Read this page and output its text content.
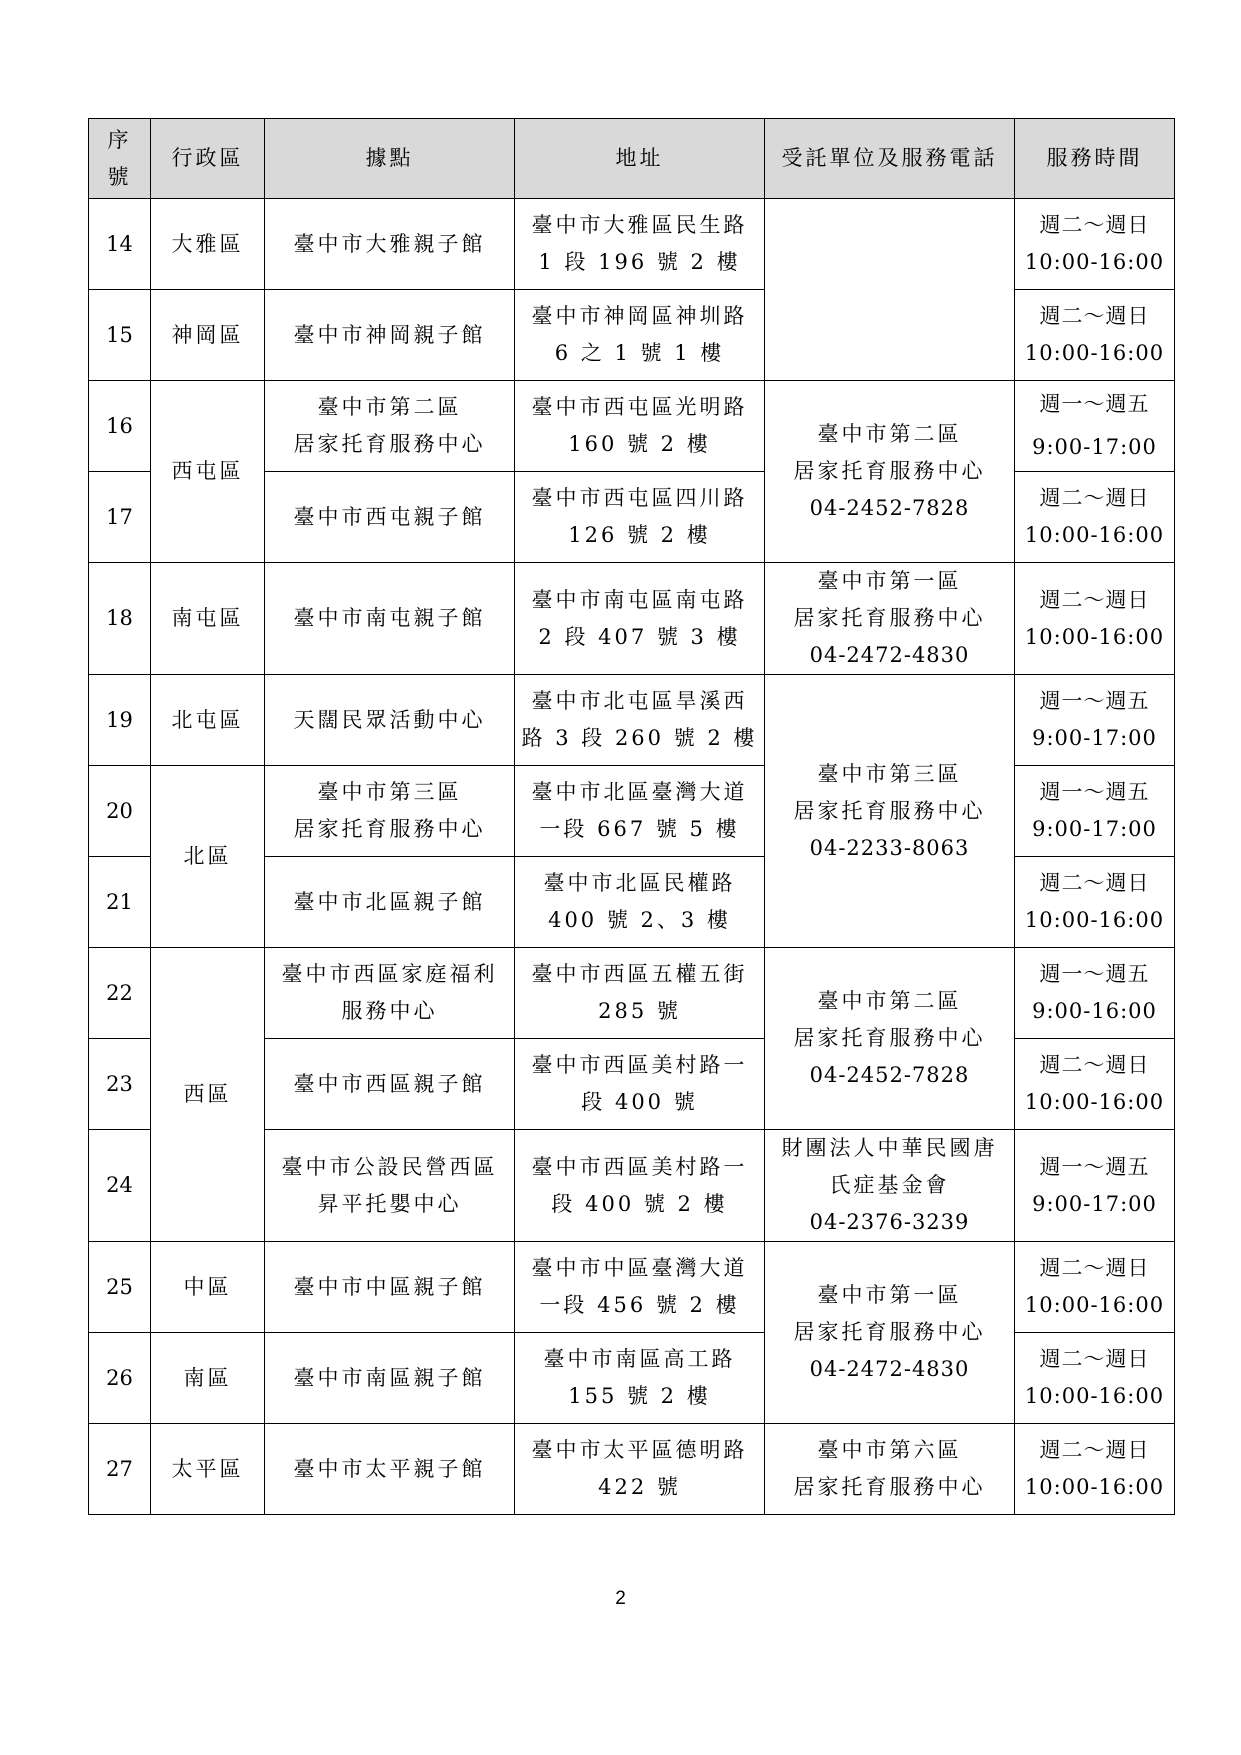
序
號	行政區	據點	地址	受託單位及服務電話	服務時間
14	大雅區	臺中市大雅親子館	臺中市大雅區民生路
1 段 196 號 2 樓		週二～週日
10:00-16:00

15	神岡區	臺中市神岡親子館	臺中市神岡區神圳路
6 之 1 號 1 樓		週二～週日
10:00-16:00

16	西屯區	臺中市第二區
居家托育服務中心	臺中市西屯區光明路
160 號 2 樓	臺中市第二區
居家托育服務中心
04-2452-7828	週一～週五
9:00-17:00

17		臺中市西屯親子館	臺中市西屯區四川路
126 號 2 樓		週二～週日
10:00-16:00

18	南屯區	臺中市南屯親子館	臺中市南屯區南屯路
2 段 407 號 3 樓	臺中市第一區
居家托育服務中心
04-2472-4830	週二～週日
10:00-16:00

19	北屯區	天闊民眾活動中心	臺中市北屯區旱溪西
路 3 段 260 號 2 樓	臺中市第三區
居家托育服務中心
04-2233-8063	週一～週五
9:00-17:00

20	北區	臺中市第三區
居家托育服務中心	臺中市北區臺灣大道
一段 667 號 5 樓		週一～週五
9:00-17:00

21		臺中市北區親子館	臺中市北區民權路
400 號 2、3 樓		週二～週日
10:00-16:00

22	西區	臺中市西區家庭福利
服務中心	臺中市西區五權五街
285 號	臺中市第二區
居家托育服務中心
04-2452-7828	週一～週五
9:00-16:00

23		臺中市西區親子館	臺中市西區美村路一
段 400 號		週二～週日
10:00-16:00

24		臺中市公設民營西區
昇平托嬰中心	臺中市西區美村路一
段 400 號 2 樓	財團法人中華民國唐
氏症基金會
04-2376-3239	週一～週五
9:00-17:00

25	中區	臺中市中區親子館	臺中市中區臺灣大道
一段 456 號 2 樓	臺中市第一區
居家托育服務中心
04-2472-4830	週二～週日
10:00-16:00

26	南區	臺中市南區親子館	臺中市南區高工路
155 號 2 樓		週二～週日
10:00-16:00

27	太平區	臺中市太平親子館	臺中市太平區德明路
422 號	臺中市第六區
居家托育服務中心	週二～週日
10:00-16:00
2
